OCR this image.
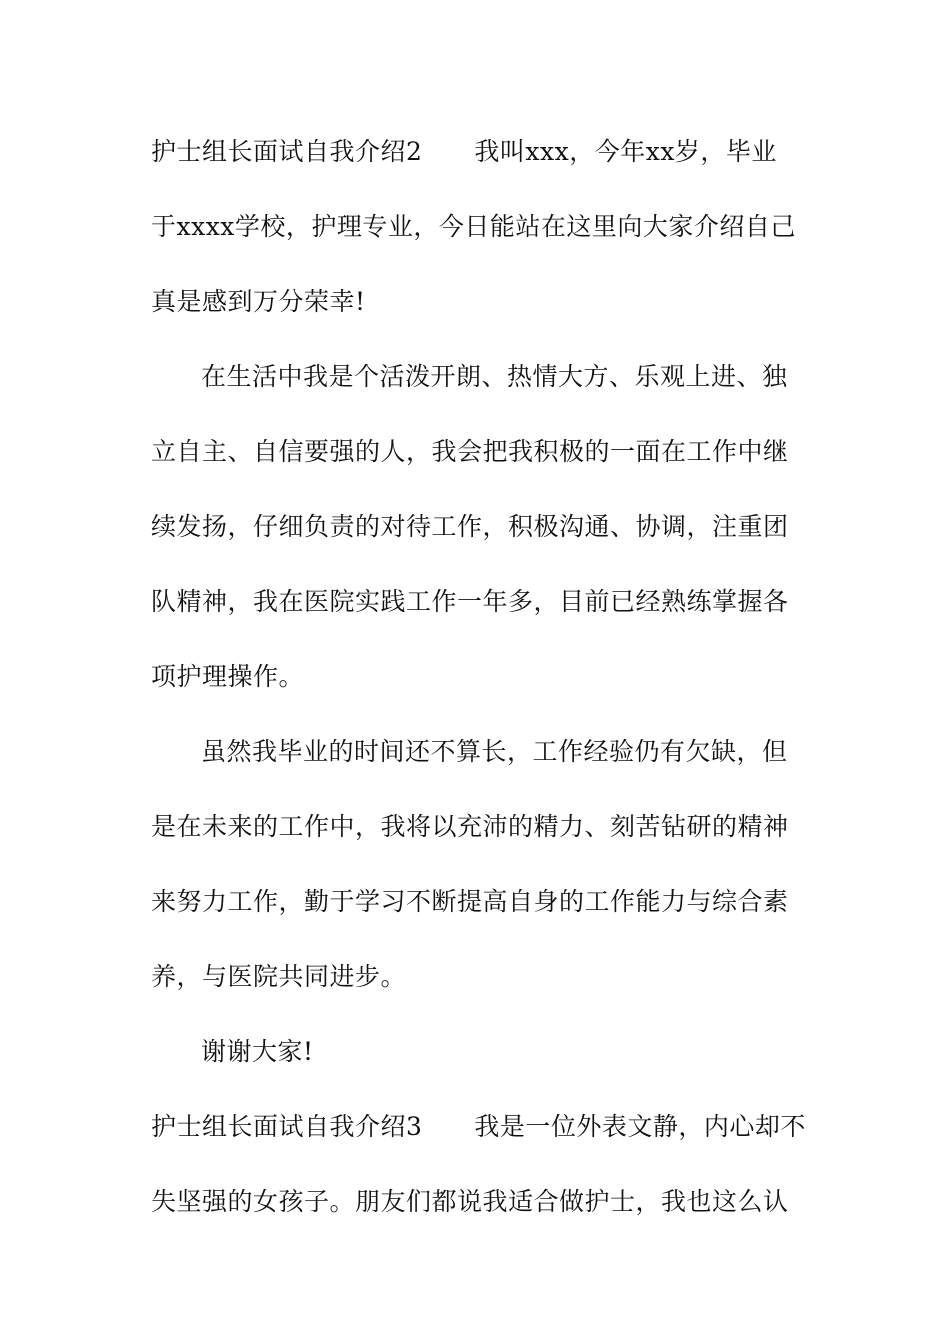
护士组长面试自我介绍2 我叫xxx，今年xx岁，毕业
于xxxx学校，护理专业，今日能站在这里向大家介绍自己
真是感到万分荣幸!
在生活中我是个活泼开朗、热情大方、乐观上进、独
立自主、自信要强的人，我会把我积极的一面在工作中继
续发扬，仔细负责的对待工作，积极沟通、协调，注重团
队精神，我在医院实践工作一年多，目前已经熟练掌握各
项护理操作。
虽然我毕业的时间还不算长，工作经验仍有欠缺，但
是在未来的工作中，我将以充沛的精力、刻苦钻研的精神
来努力工作，勤于学习不断提高自身的工作能力与综合素
养，与医院共同进步。
谢谢大家!
护士组长面试自我介绍3 我是一位外表文静，内心却不
失坚强的女孩子。朋友们都说我适合做护士，我也这么认
